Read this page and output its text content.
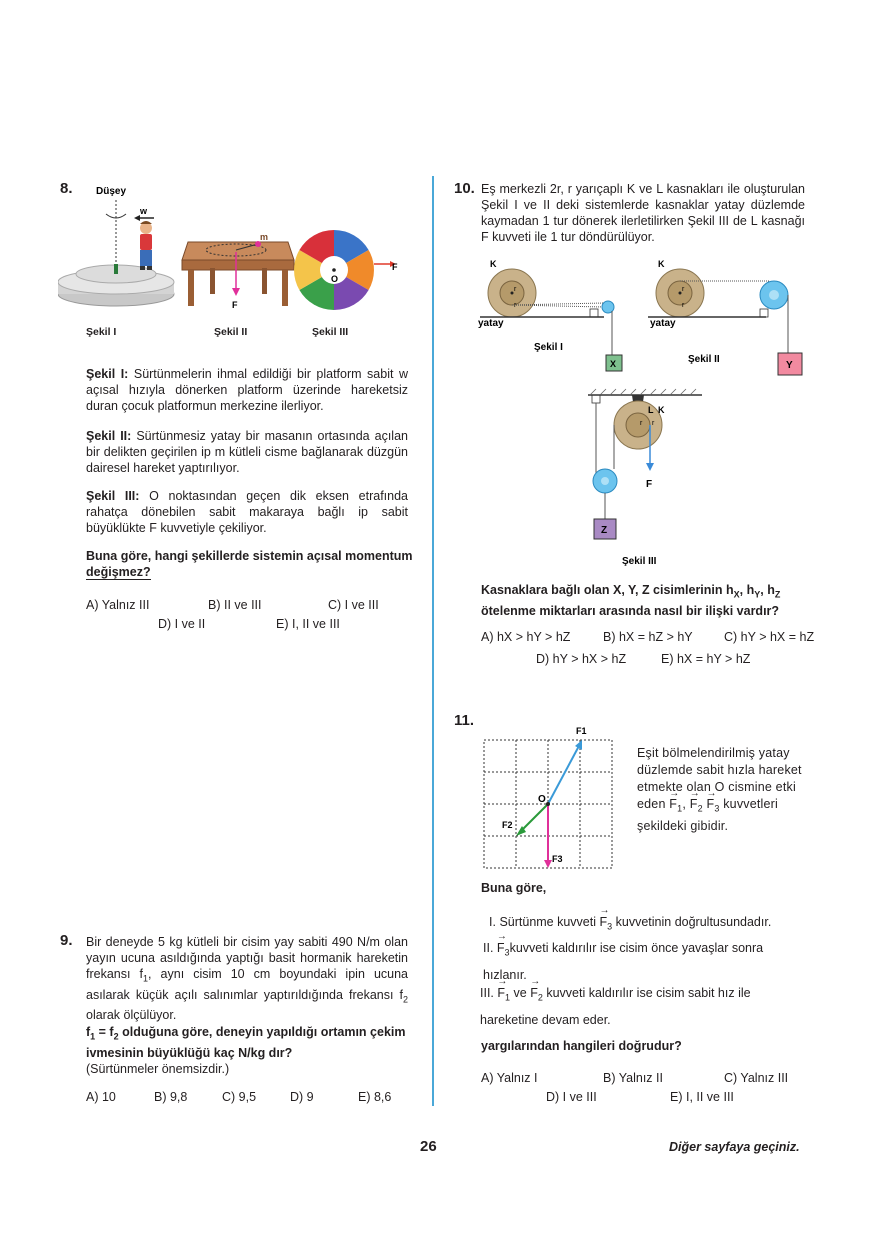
8. Düşey
w
m
F
O
F
Şekil I	Şekil II	Şekil III
Şekil I: Sürtünmelerin ihmal edildiği bir platform sabit w açısal hızıyla dönerken platform üzerinde hareketsiz duran çocuk platformun merkezine ilerliyor.
Şekil II: Sürtünmesiz yatay bir masanın ortasında açılan bir delikten geçirilen ip m kütleli cisme bağlanarak düzgün dairesel hareket yaptırılıyor.
Şekil III: O noktasından geçen dik eksen etrafında rahatça dönebilen sabit makaraya bağlı ip sabit büyüklükte F kuvvetiyle çekiliyor.
Buna göre, hangi şekillerde sistemin açısal momentum
değişmez?
A) Yalnız III	B) II ve III	C) I ve III
D) I ve II	E) I, II ve III
9. Bir deneyde 5 kg kütleli bir cisim yay sabiti 490 N/m olan yayın ucuna asıldığında yaptığı basit hormanik hareketin frekansı $f_1$, aynı cisim 10 cm boyundaki ipin ucuna asılarak küçük açılı salınımlar yaptırıldığında frekansı $f_2$ olarak ölçülüyor.
$f_1 = f_2$ olduğuna göre, deneyin yapıldığı ortamın çekim ivmesinin büyüklüğü kaç N/kg dır?
(Sürtünmeler önemsizdir.)
A) 10	B) 9,8	C) 9,5	D) 9	E) 8,6
10. Eş merkezli 2r, r yarıçaplı K ve L kasnakları ile oluşturulan Şekil I ve II deki sistemlerde kasnaklar yatay düzlemde kaymadan 1 tur dönerek ilerletilirken Şekil III de L kasnağı F kuvveti ile 1 tur döndürülüyor.
K
r
r
X
yatay
Şekil I
K
r
r
Y
yatay
Şekil II
L K
r r
F
Z
Şekil III
Kasnaklara bağlı olan X, Y, Z cisimlerinin $h_X$, $h_Y$, $h_Z$ ötelenme miktarları arasında nasıl bir ilişki vardır?
A) hX > hY > hZ	B) hX = hZ > hY	C) hY > hX = hZ
D) hY > hX > hZ	E) hX = hY > hZ
11.
O
F1
F2
F3
Eşit bölmelendirilmiş yatay düzlemde sabit hızla hareket etmekte olan O cismine etki eden → $F_1$, → $F_2 \to F_3$ kuvvetleri şekildeki gibidir.
Buna göre,
I. Sürtünme kuvveti → $F_3$ kuvvetinin doğrultusundadır.
II. → $F_3kuvveti$ kaldırılır ise cisim önce yavaşlar sonra hızlanır.
III. → $F_1$ ve → $F_2$ kuvveti kaldırılır ise cisim sabit hız ile hareketine devam eder.
yargılarından hangileri doğrudur?
A) Yalnız I	B) Yalnız II	C) Yalnız III
D) I ve III	E) I, II ve III
26	Diğer sayfaya geçiniz.
